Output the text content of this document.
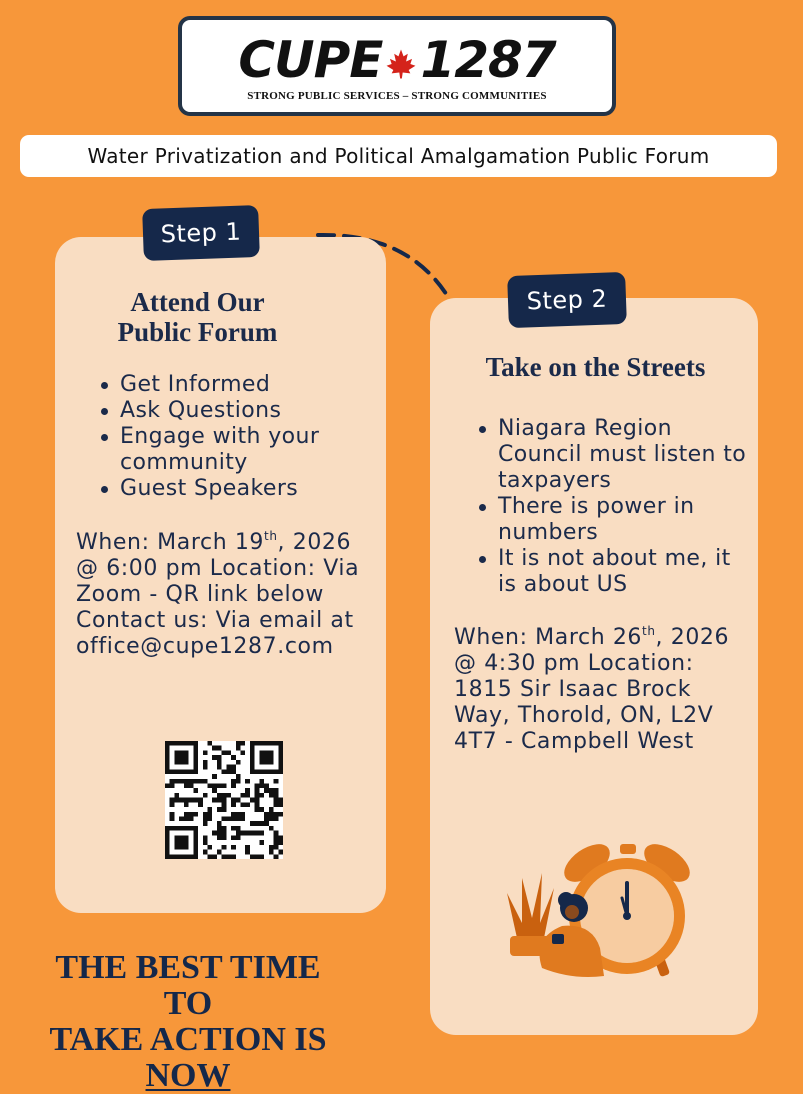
CUPE 1287
STRONG PUBLIC SERVICES – STRONG COMMUNITIES
Water Privatization and Political Amalgamation Public Forum
Step 1
Attend Our
Public Forum
Get Informed
Ask Questions
Engage with your community
Guest Speakers
When: March 19th, 2026 @ 6:00 pm Location: Via Zoom - QR link below Contact us: Via email at office@cupe1287.com
Step 2
Take on the Streets
Niagara Region Council must listen to taxpayers
There is power in numbers
It is not about me, it is about US
When: March 26th, 2026 @ 4:30 pm Location: 1815 Sir Isaac Brock Way, Thorold, ON, L2V 4T7 - Campbell West
THE BEST TIME TO
TAKE ACTION IS
NOW
